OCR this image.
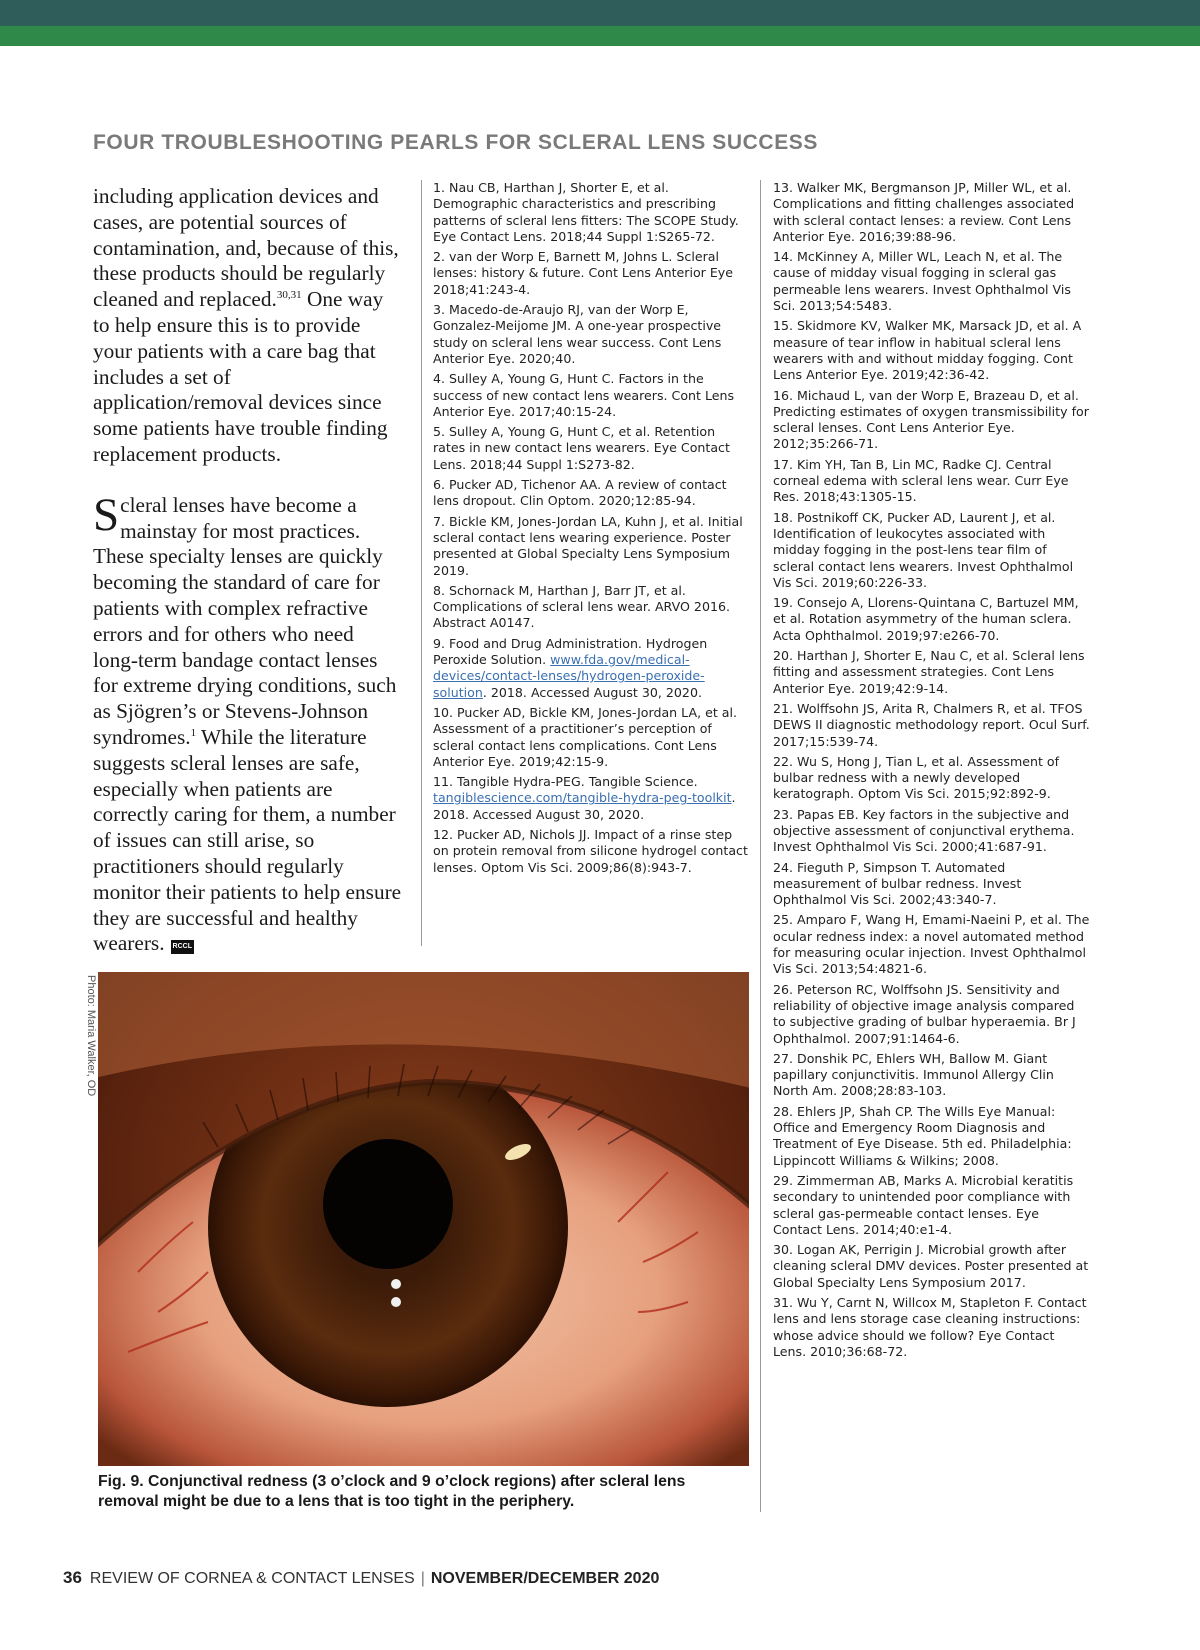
FOUR TROUBLESHOOTING PEARLS FOR SCLERAL LENS SUCCESS

including application devices and cases, are potential sources of contamination, and, because of this, these products should be regularly cleaned and replaced.$^{30,31}$ One way to help ensure this is to provide your patients with a care bag that includes a set of application/removal devices since some patients have trouble finding replacement products.

Scleral lenses have become a mainstay for most practices. These specialty lenses are quickly becoming the standard of care for patients with complex refractive errors and for others who need long-term bandage contact lenses for extreme drying conditions, such as Sjögren’s or Stevens-Johnson syndromes.$^1$ While the literature suggests scleral lenses are safe, especially when patients are correctly caring for them, a number of issues can still arise, so practitioners should regularly monitor their patients to help ensure they are successful and healthy wearers. RCCL

1. Nau CB, Harthan J, Shorter E, et al. Demographic characteristics and prescribing patterns of scleral lens fitters: The SCOPE Study. Eye Contact Lens. 2018;44 Suppl 1:S265-72.
2. van der Worp E, Barnett M, Johns L. Scleral lenses: history & future. Cont Lens Anterior Eye 2018;41:243-4.
3. Macedo-de-Araujo RJ, van der Worp E, Gonzalez-Meijome JM. A one-year prospective study on scleral lens wear success. Cont Lens Anterior Eye. 2020;40.
4. Sulley A, Young G, Hunt C. Factors in the success of new contact lens wearers. Cont Lens Anterior Eye. 2017;40:15-24.
5. Sulley A, Young G, Hunt C, et al. Retention rates in new contact lens wearers. Eye Contact Lens. 2018;44 Suppl 1:S273-82.
6. Pucker AD, Tichenor AA. A review of contact lens dropout. Clin Optom. 2020;12:85-94.
7. Bickle KM, Jones-Jordan LA, Kuhn J, et al. Initial scleral contact lens wearing experience. Poster presented at Global Specialty Lens Symposium 2019.
8. Schornack M, Harthan J, Barr JT, et al. Complications of scleral lens wear. ARVO 2016. Abstract A0147.
9. Food and Drug Administration. Hydrogen Peroxide Solution. www.fda.gov/medical-devices/contact-lenses/hydrogen-peroxide-solution. 2018. Accessed August 30, 2020.
10. Pucker AD, Bickle KM, Jones-Jordan LA, et al. Assessment of a practitioner’s perception of scleral contact lens complications. Cont Lens Anterior Eye. 2019;42:15-9.
11. Tangible Hydra-PEG. Tangible Science. tangiblescience.com/tangible-hydra-peg-toolkit. 2018. Accessed August 30, 2020.
12. Pucker AD, Nichols JJ. Impact of a rinse step on protein removal from silicone hydrogel contact lenses. Optom Vis Sci. 2009;86(8):943-7.
13. Walker MK, Bergmanson JP, Miller WL, et al. Complications and fitting challenges associated with scleral contact lenses: a review. Cont Lens Anterior Eye. 2016;39:88-96.
14. McKinney A, Miller WL, Leach N, et al. The cause of midday visual fogging in scleral gas permeable lens wearers. Invest Ophthalmol Vis Sci. 2013;54:5483.
15. Skidmore KV, Walker MK, Marsack JD, et al. A measure of tear inflow in habitual scleral lens wearers with and without midday fogging. Cont Lens Anterior Eye. 2019;42:36-42.
16. Michaud L, van der Worp E, Brazeau D, et al. Predicting estimates of oxygen transmissibility for scleral lenses. Cont Lens Anterior Eye. 2012;35:266-71.
17. Kim YH, Tan B, Lin MC, Radke CJ. Central corneal edema with scleral lens wear. Curr Eye Res. 2018;43:1305-15.
18. Postnikoff CK, Pucker AD, Laurent J, et al. Identification of leukocytes associated with midday fogging in the post-lens tear film of scleral contact lens wearers. Invest Ophthalmol Vis Sci. 2019;60:226-33.
19. Consejo A, Llorens-Quintana C, Bartuzel MM, et al. Rotation asymmetry of the human sclera. Acta Ophthalmol. 2019;97:e266-70.
20. Harthan J, Shorter E, Nau C, et al. Scleral lens fitting and assessment strategies. Cont Lens Anterior Eye. 2019;42:9-14.
21. Wolffsohn JS, Arita R, Chalmers R, et al. TFOS DEWS II diagnostic methodology report. Ocul Surf. 2017;15:539-74.
22. Wu S, Hong J, Tian L, et al. Assessment of bulbar redness with a newly developed keratograph. Optom Vis Sci. 2015;92:892-9.
23. Papas EB. Key factors in the subjective and objective assessment of conjunctival erythema. Invest Ophthalmol Vis Sci. 2000;41:687-91.
24. Fieguth P, Simpson T. Automated measurement of bulbar redness. Invest Ophthalmol Vis Sci. 2002;43:340-7.
25. Amparo F, Wang H, Emami-Naeini P, et al. The ocular redness index: a novel automated method for measuring ocular injection. Invest Ophthalmol Vis Sci. 2013;54:4821-6.
26. Peterson RC, Wolffsohn JS. Sensitivity and reliability of objective image analysis compared to subjective grading of bulbar hyperaemia. Br J Ophthalmol. 2007;91:1464-6.
27. Donshik PC, Ehlers WH, Ballow M. Giant papillary conjunctivitis. Immunol Allergy Clin North Am. 2008;28:83-103.
28. Ehlers JP, Shah CP. The Wills Eye Manual: Office and Emergency Room Diagnosis and Treatment of Eye Disease. 5th ed. Philadelphia: Lippincott Williams & Wilkins; 2008.
29. Zimmerman AB, Marks A. Microbial keratitis secondary to unintended poor compliance with scleral gas-permeable contact lenses. Eye Contact Lens. 2014;40:e1-4.
30. Logan AK, Perrigin J. Microbial growth after cleaning scleral DMV devices. Poster presented at Global Specialty Lens Symposium 2017.
31. Wu Y, Carnt N, Willcox M, Stapleton F. Contact lens and lens storage case cleaning instructions: whose advice should we follow? Eye Contact Lens. 2010;36:68-72.
Photo: Maria Walker, OD
Fig. 9. Conjunctival redness (3 o’clock and 9 o’clock regions) after scleral lens removal might be due to a lens that is too tight in the periphery.
36 REVIEW OF CORNEA & CONTACT LENSES | NOVEMBER/DECEMBER 2020
